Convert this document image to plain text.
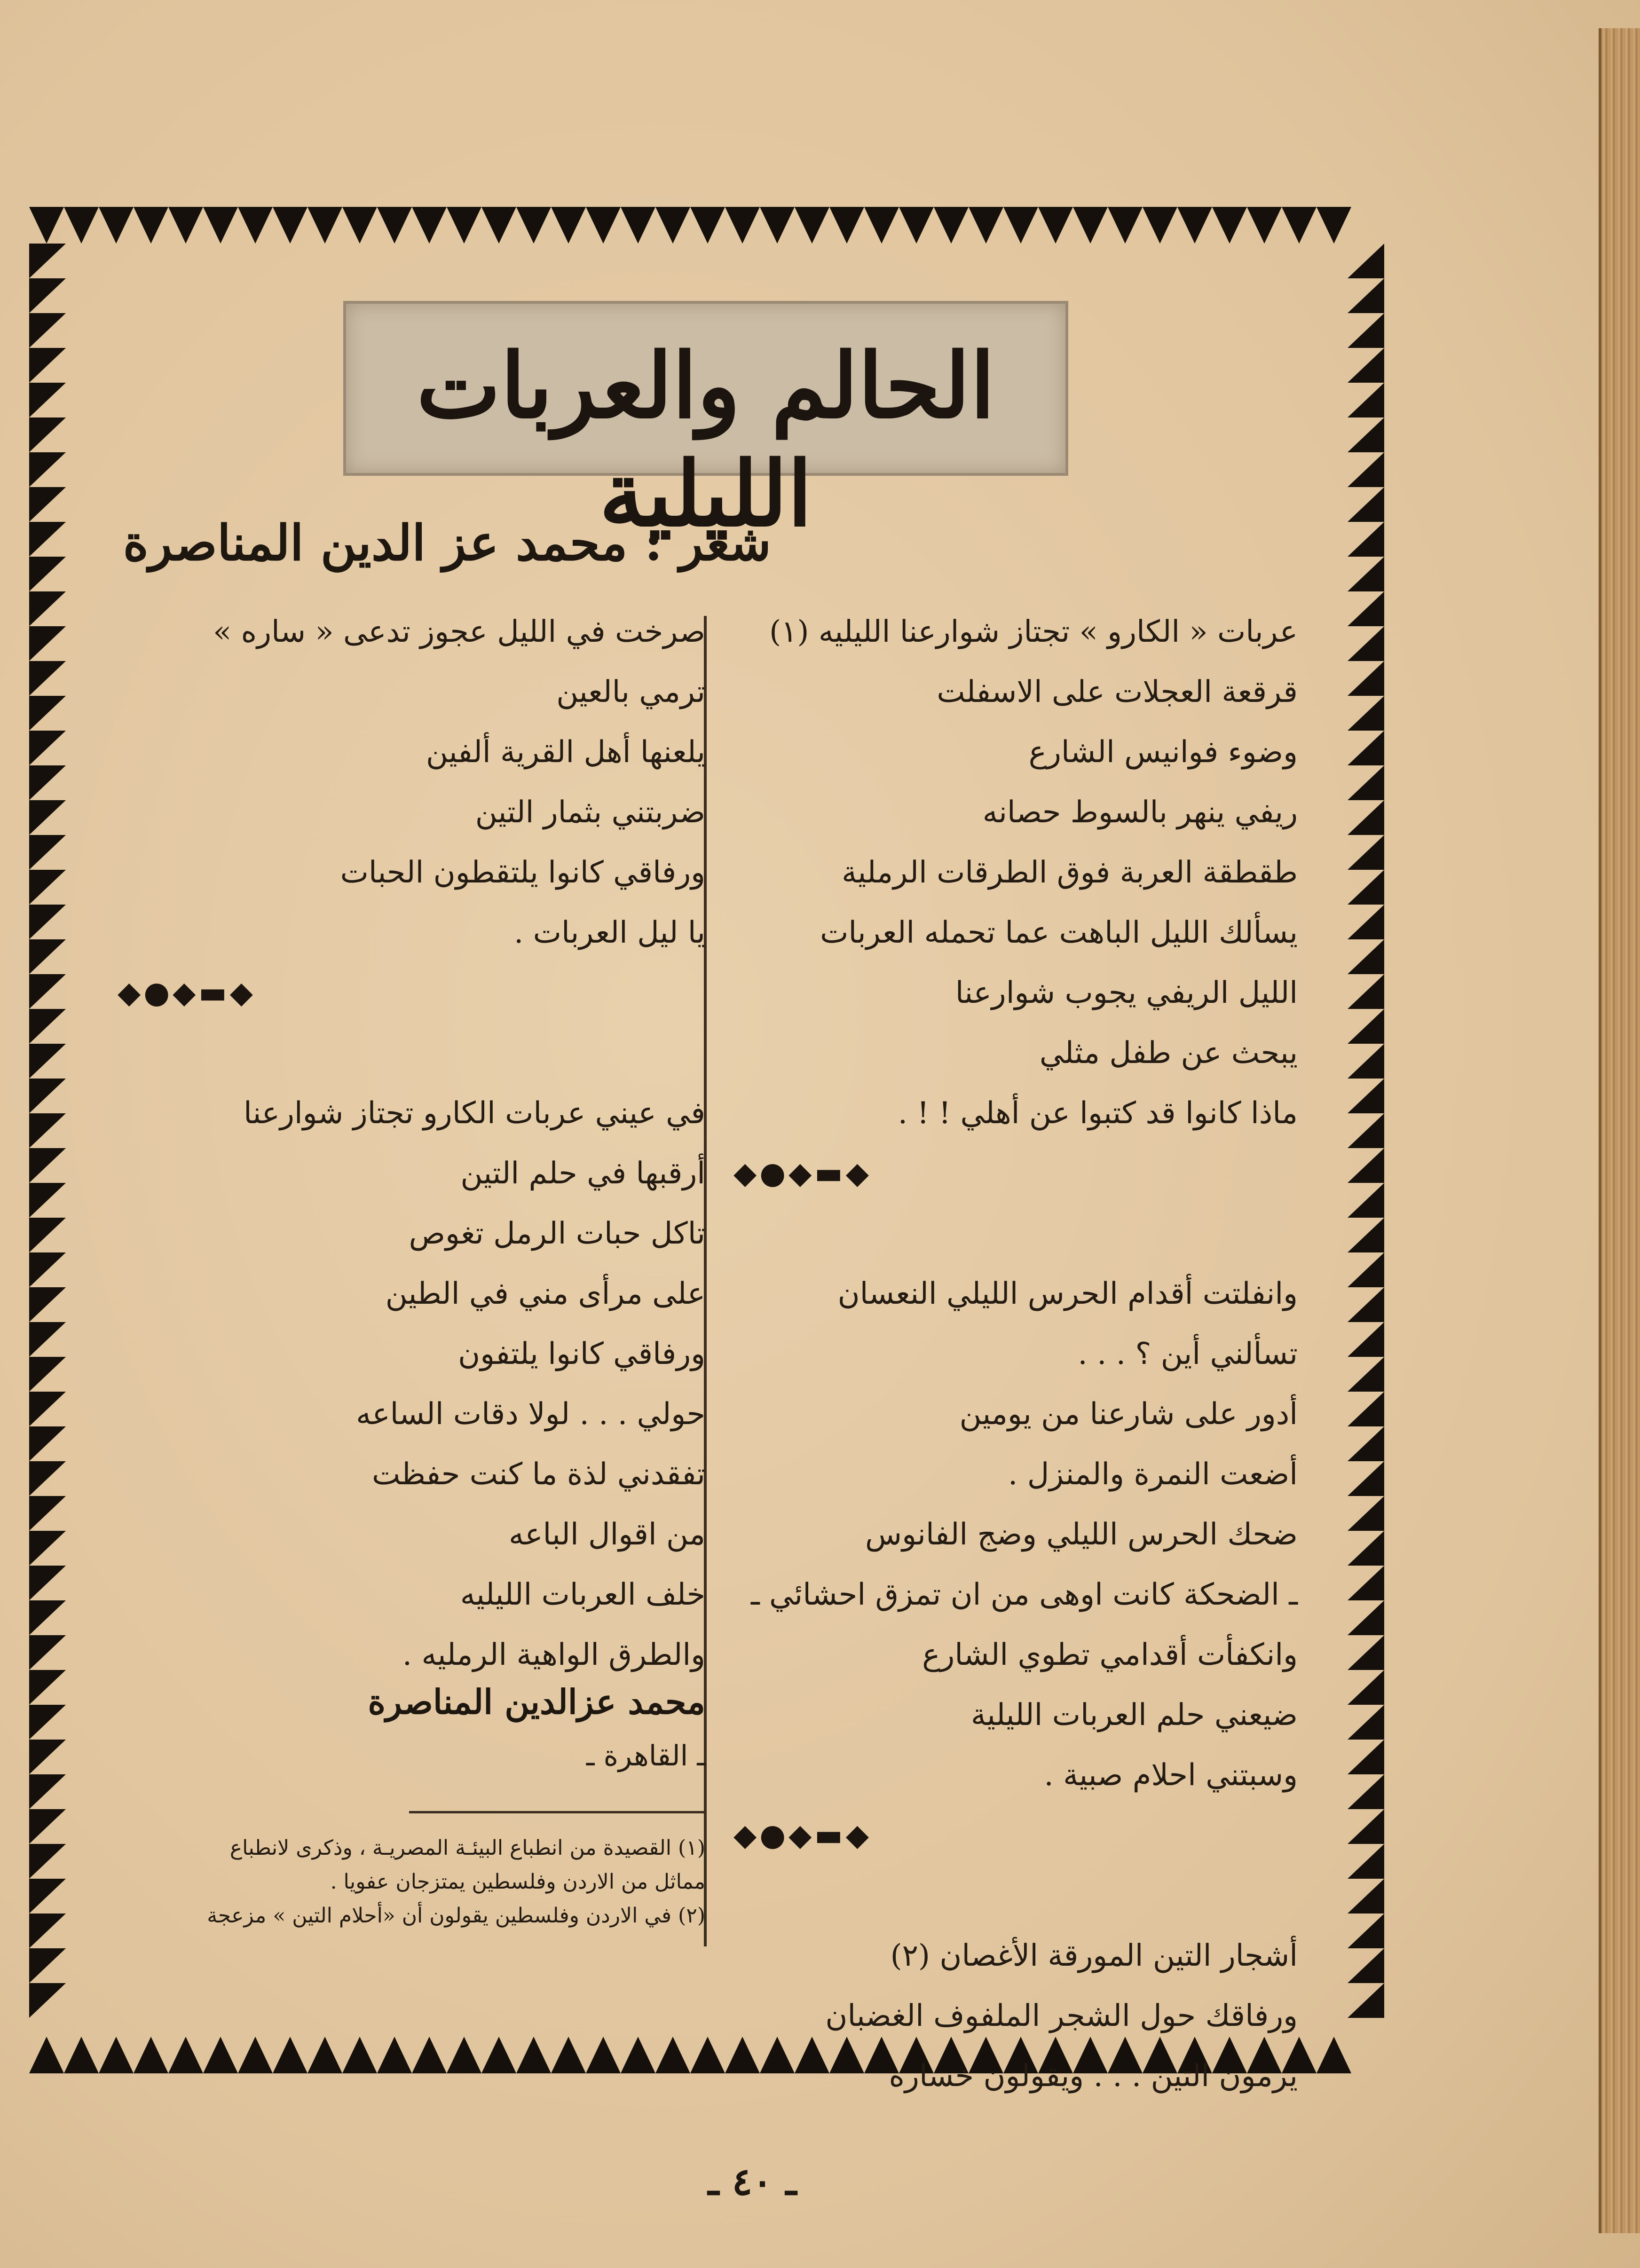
الحالم والعربات الليلية
شعر : محمد عز الدين المناصرة
عربات « الكارو » تجتاز شوارعنا الليليه (١)
قرقعة العجلات على الاسفلت
وضوء فوانيس الشارع
ريفي ينهر بالسوط حصانه
طقطقة العربة فوق الطرقات الرملية
يسألك الليل الباهت عما تحمله العربات
الليل الريفي يجوب شوارعنا
يبحث عن طفل مثلي
ماذا كانوا قد كتبوا عن أهلي ! ! .
◆▬◆●◆
وانفلتت أقدام الحرس الليلي النعسان
تسألني أين ؟ . . .
أدور على شارعنا من يومين
أضعت النمرة والمنزل .
ضحك الحرس الليلي وضج الفانوس
ـ الضحكة كانت اوهى من ان تمزق احشائي ـ
وانكفأت أقدامي تطوي الشارع
ضيعني حلم العربات الليلية
وسبتني احلام صبية .
◆▬◆●◆
أشجار التين المورقة الأغصان (٢)
ورفاقك حول الشجر الملفوف الغضبان
يرمون التين . . . ويقولون خساره
صرخت في الليل عجوز تدعى « ساره »
ترمي بالعين
يلعنها أهل القرية ألفين
ضربتني بثمار التين
ورفاقي كانوا يلتقطون الحبات
يا ليل العربات .
◆▬◆●◆
في عيني عربات الكارو تجتاز شوارعنا
أرقبها في حلم التين
تاكل حبات الرمل تغوص
على مرأى مني في الطين
ورفاقي كانوا يلتفون
حولي . . . لولا دقات الساعه
تفقدني لذة ما كنت حفظت
من اقوال الباعه
خلف العربات الليليه
والطرق الواهية الرمليه .
محمد عزالدين المناصرة
ـ القاهرة ـ
(١) القصيدة من انطباع البيئـة المصريـة ، وذكرى لانطباع
مماثل من الاردن وفلسطين يمتزجان عفويا .
(٢) في الاردن وفلسطين يقولون أن «أحلام التين » مزعجة
ـ ٤٠ ـ
